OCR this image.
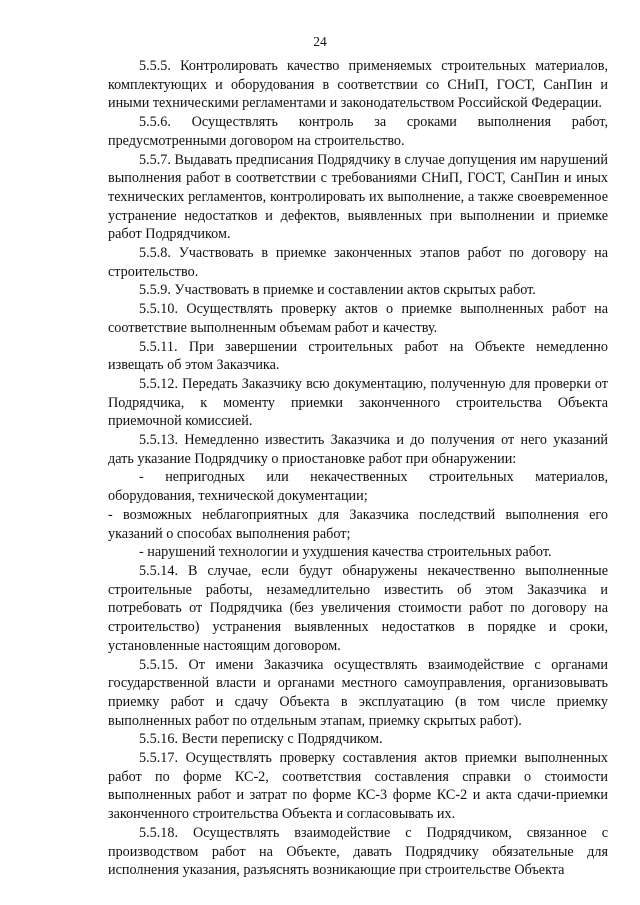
24

5.5.5. Контролировать качество применяемых строительных материалов, комплектующих и оборудования в соответствии со СНиП, ГОСТ, СанПин и иными техническими регламентами и законодательством Российской Федерации.

5.5.6. Осуществлять контроль за сроками выполнения работ, предусмотренными договором на строительство.

5.5.7. Выдавать предписания Подрядчику в случае допущения им нарушений выполнения работ в соответствии с требованиями СНиП, ГОСТ, СанПин и иных технических регламентов, контролировать их выполнение, а также своевременное устранение недостатков и дефектов, выявленных при выполнении и приемке работ Подрядчиком.

5.5.8. Участвовать в приемке законченных этапов работ по договору на строительство.

5.5.9. Участвовать в приемке и составлении актов скрытых работ.

5.5.10. Осуществлять проверку актов о приемке выполненных работ на соответствие выполненным объемам работ и качеству.

5.5.11. При завершении строительных работ на Объекте немедленно извещать об этом Заказчика.

5.5.12. Передать Заказчику всю документацию, полученную для проверки от Подрядчика, к моменту приемки законченного строительства Объекта приемочной комиссией.

5.5.13. Немедленно известить Заказчика и до получения от него указаний дать указание Подрядчику о приостановке работ при обнаружении:

- непригодных или некачественных строительных материалов, оборудования, технической документации;

- возможных неблагоприятных для Заказчика последствий выполнения его указаний о способах выполнения работ;

- нарушений технологии и ухудшения качества строительных работ.

5.5.14. В случае, если будут обнаружены некачественно выполненные строительные работы, незамедлительно известить об этом Заказчика и потребовать от Подрядчика (без увеличения стоимости работ по договору на строительство) устранения выявленных недостатков в порядке и сроки, установленные настоящим договором.

5.5.15. От имени Заказчика осуществлять взаимодействие с органами государственной власти и органами местного самоуправления, организовывать приемку работ и сдачу Объекта в эксплуатацию (в том числе приемку выполненных работ по отдельным этапам, приемку скрытых работ).

5.5.16. Вести переписку с Подрядчиком.

5.5.17. Осуществлять проверку составления актов приемки выполненных работ по форме КС-2, соответствия составления справки о стоимости выполненных работ и затрат по форме КС-3 форме КС-2 и акта сдачи-приемки законченного строительства Объекта и согласовывать их.

5.5.18. Осуществлять взаимодействие с Подрядчиком, связанное с производством работ на Объекте, давать Подрядчику обязательные для исполнения указания, разъяснять возникающие при строительстве Объекта
